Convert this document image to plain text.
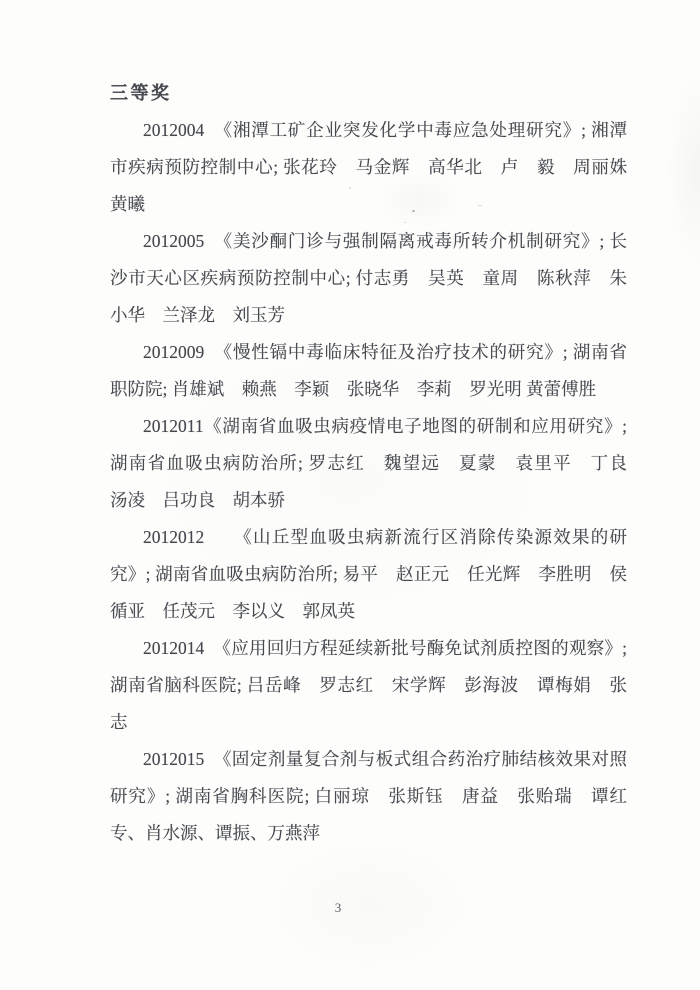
三等奖
2012004　《湘潭工矿企业突发化学中毒应急处理研究》; 湘潭
市疾病预防控制中心; 张花玲　马金辉　高华北　卢　毅　周丽姝
黄曦
2012005　《美沙酮门诊与强制隔离戒毒所转介机制研究》; 长
沙市天心区疾病预防控制中心; 付志勇　吴英　童周　陈秋萍　朱
小华　兰泽龙　刘玉芳
2012009　《慢性镉中毒临床特征及治疗技术的研究》; 湖南省
职防院; 肖雄斌　赖燕　李颖　张晓华　李莉　罗光明 黄蕾傅胜
2012011《湖南省血吸虫病疫情电子地图的研制和应用研究》;
湖南省血吸虫病防治所; 罗志红　魏望远　夏蒙　袁里平　丁良
汤凌　吕功良　胡本骄
2012012　　《山丘型血吸虫病新流行区消除传染源效果的研
究》; 湖南省血吸虫病防治所; 易平　赵正元　任光辉　李胜明　侯
循亚　任茂元　李以义　郭凤英
2012014　《应用回归方程延续新批号酶免试剂质控图的观察》;
湖南省脑科医院; 吕岳峰　罗志红　宋学辉　彭海波　谭梅娟　张
志
2012015　《固定剂量复合剂与板式组合药治疗肺结核效果对照
研究》; 湖南省胸科医院; 白丽琼　张斯钰　唐益　张贻瑞　谭红
专、肖水源、谭振、万燕萍
3
